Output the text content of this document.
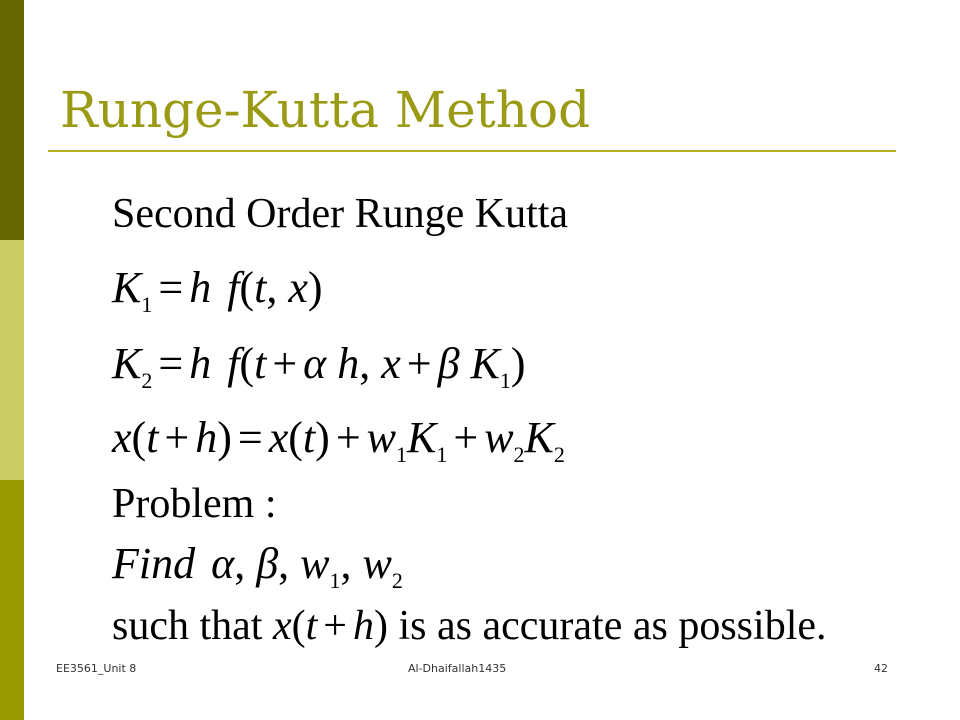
Runge-Kutta Method
Second Order Runge Kutta
$K_1 = h$ f(t, x)
$K_2 = h$ f(t + α h, x + β $K_1$)
$x(t + h) = x(t) + w_1K_1 + w_2K_2$
Problem :
Find α, β, $w_1$, $w_2$
such that x(t + h) is as accurate as possible.
EE3561_Unit 8	Al-Dhaifallah1435	42
